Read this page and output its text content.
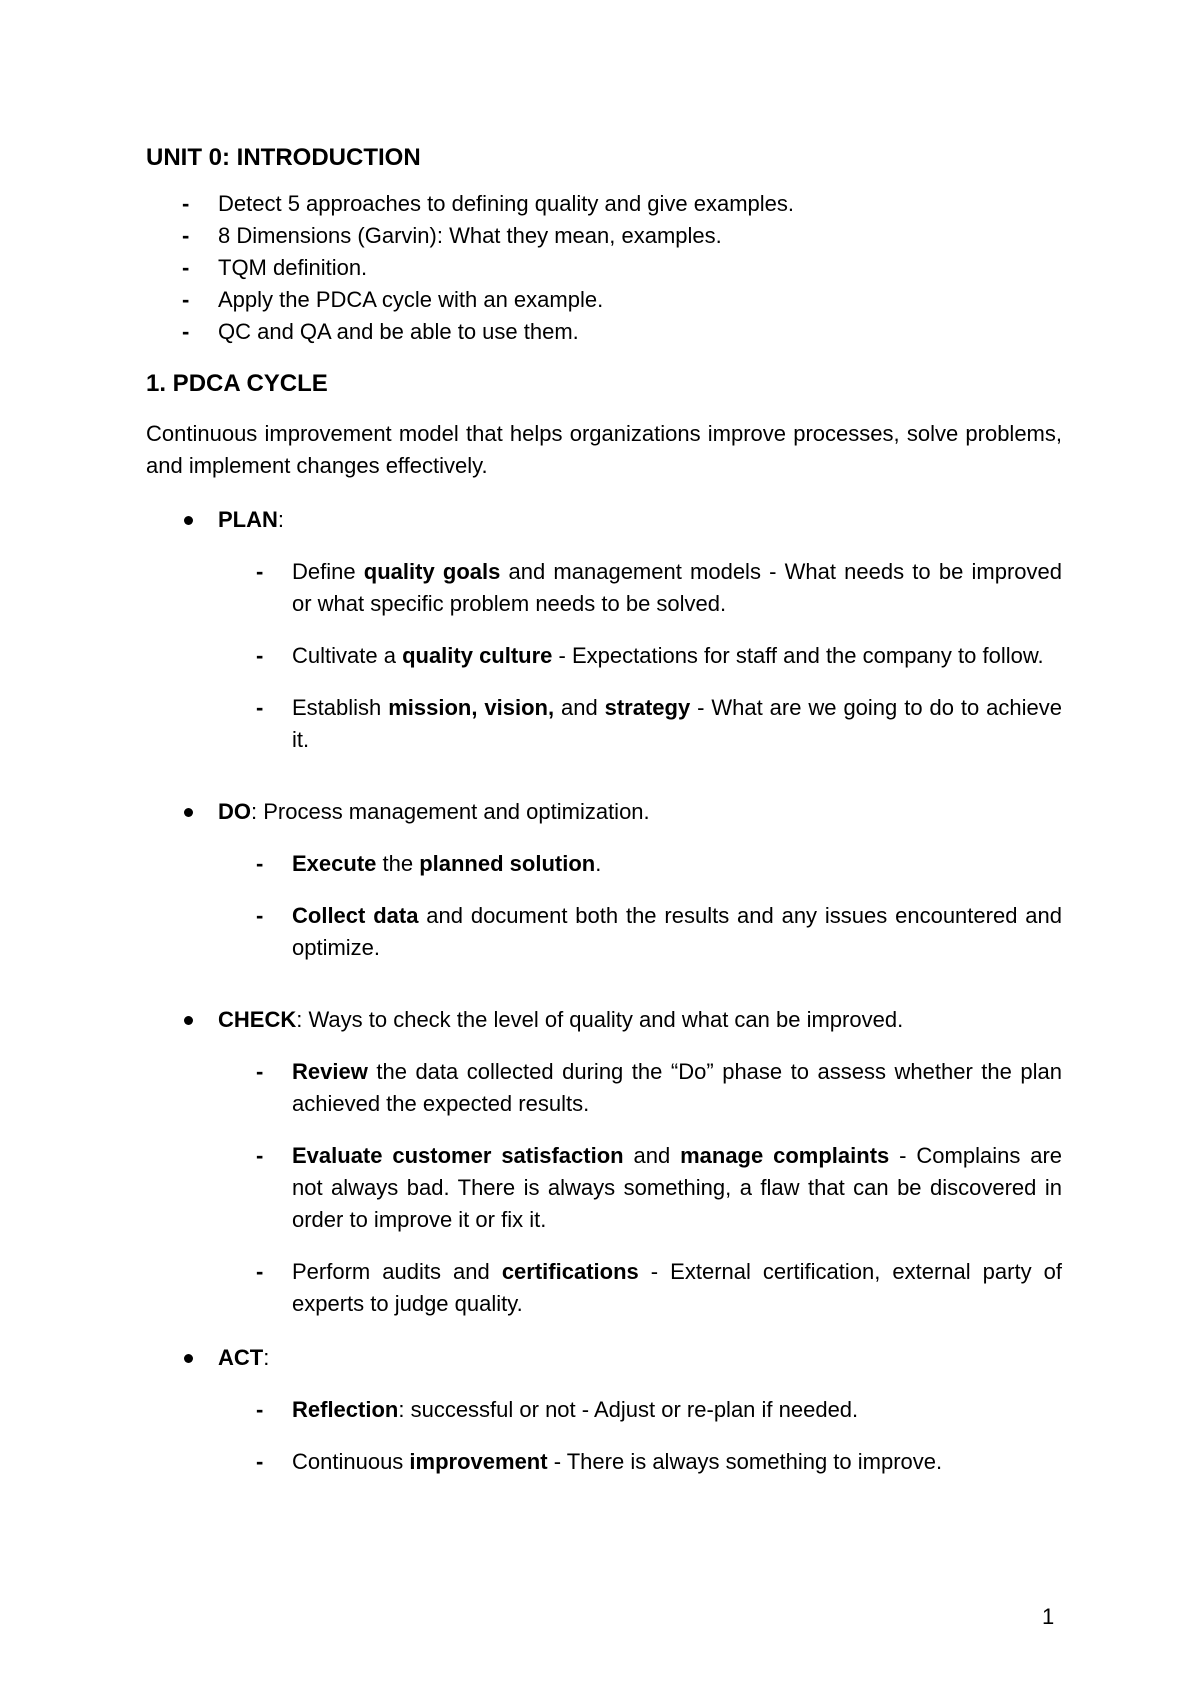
UNIT 0: INTRODUCTION
- Detect 5 approaches to defining quality and give examples.
- 8 Dimensions (Garvin): What they mean, examples.
- TQM definition.
- Apply the PDCA cycle with an example.
- QC and QA and be able to use them.
1. PDCA CYCLE

Continuous improvement model that helps organizations improve processes, solve problems, and implement changes effectively.

PLAN:
- Define quality goals and management models - What needs to be improved or what specific problem needs to be solved.
- Cultivate a quality culture - Expectations for staff and the company to follow.
- Establish mission, vision, and strategy - What are we going to do to achieve it.
DO: Process management and optimization.
- Execute the planned solution.
- Collect data and document both the results and any issues encountered and optimize.
CHECK: Ways to check the level of quality and what can be improved.
- Review the data collected during the “Do” phase to assess whether the plan achieved the expected results.
- Evaluate customer satisfaction and manage complaints - Complains are not always bad. There is always something, a flaw that can be discovered in order to improve it or fix it.
- Perform audits and certifications - External certification, external party of experts to judge quality.
ACT:
- Reflection: successful or not - Adjust or re-plan if needed.
- Continuous improvement - There is always something to improve.
1
